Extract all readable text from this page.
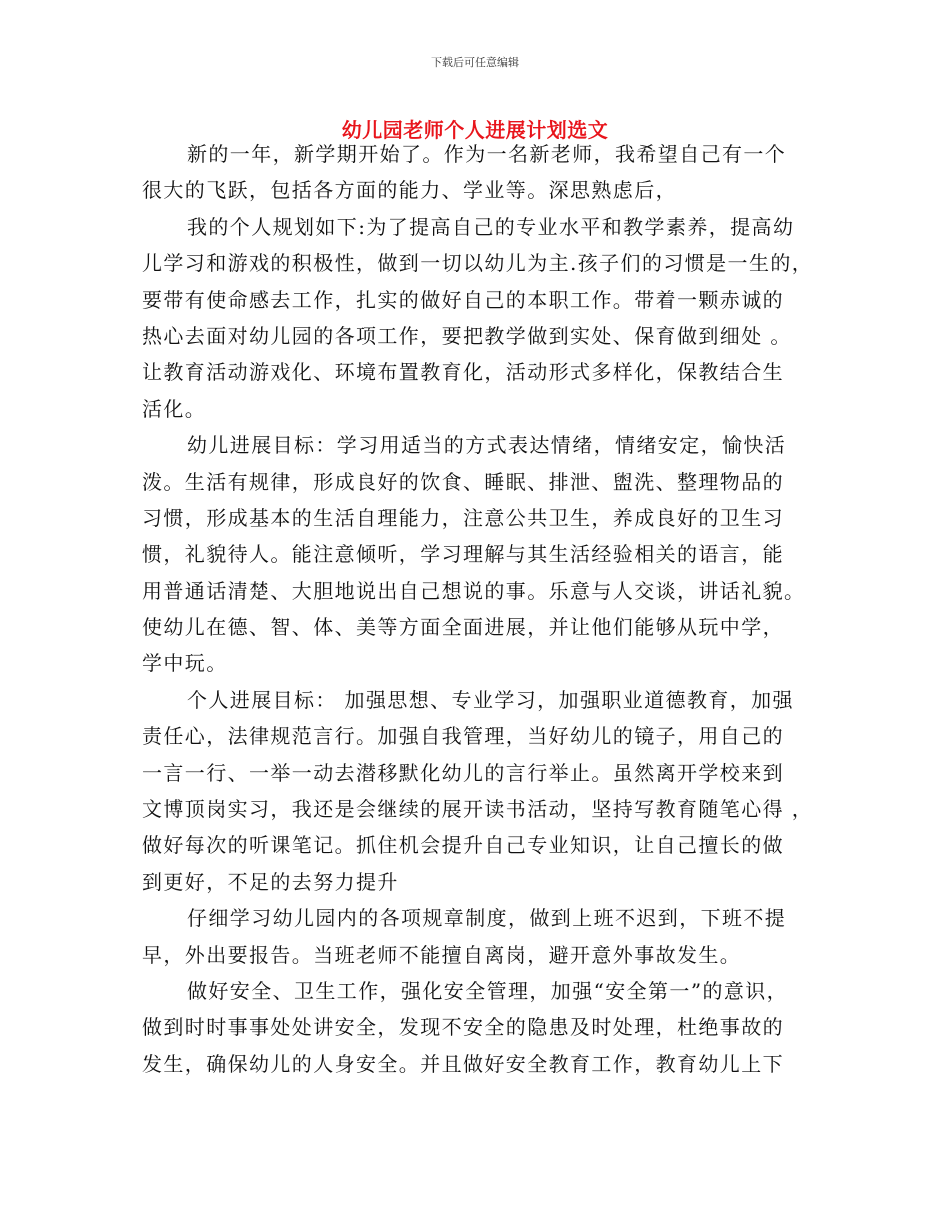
下载后可任意编辑
幼儿园老师个人进展计划选文
新的一年，新学期开始了。作为一名新老师，我希望自己有一个
很大的飞跃，包括各方面的能力、学业等。深思熟虑后，
我的个人规划如下:为了提高自己的专业水平和教学素养，提高幼
儿学习和游戏的积极性，做到一切以幼儿为主.孩子们的习惯是一生的，
要带有使命感去工作，扎实的做好自己的本职工作。带着一颗赤诚的
热心去面对幼儿园的各项工作，要把教学做到实处、保育做到细处 。
让教育活动游戏化、环境布置教育化，活动形式多样化，保教结合生
活化。
幼儿进展目标：学习用适当的方式表达情绪，情绪安定，愉快活
泼。生活有规律，形成良好的饮食、睡眠、排泄、盥洗、整理物品的
习惯，形成基本的生活自理能力，注意公共卫生，养成良好的卫生习
惯，礼貌待人。能注意倾听，学习理解与其生活经验相关的语言，能
用普通话清楚、大胆地说出自己想说的事。乐意与人交谈，讲话礼貌。
使幼儿在德、智、体、美等方面全面进展，并让他们能够从玩中学，
学中玩。
个人进展目标： 加强思想、专业学习，加强职业道德教育，加强
责任心，法律规范言行。加强自我管理，当好幼儿的镜子，用自己的
一言一行、一举一动去潜移默化幼儿的言行举止。虽然离开学校来到
文博顶岗实习，我还是会继续的展开读书活动，坚持写教育随笔心得 ，
做好每次的听课笔记。抓住机会提升自己专业知识，让自己擅长的做
到更好，不足的去努力提升
仔细学习幼儿园内的各项规章制度，做到上班不迟到，下班不提
早，外出要报告。当班老师不能擅自离岗，避开意外事故发生。
做好安全、卫生工作，强化安全管理，加强“安全第一”的意识，
做到时时事事处处讲安全，发现不安全的隐患及时处理，杜绝事故的
发生，确保幼儿的人身安全。并且做好安全教育工作，教育幼儿上下
